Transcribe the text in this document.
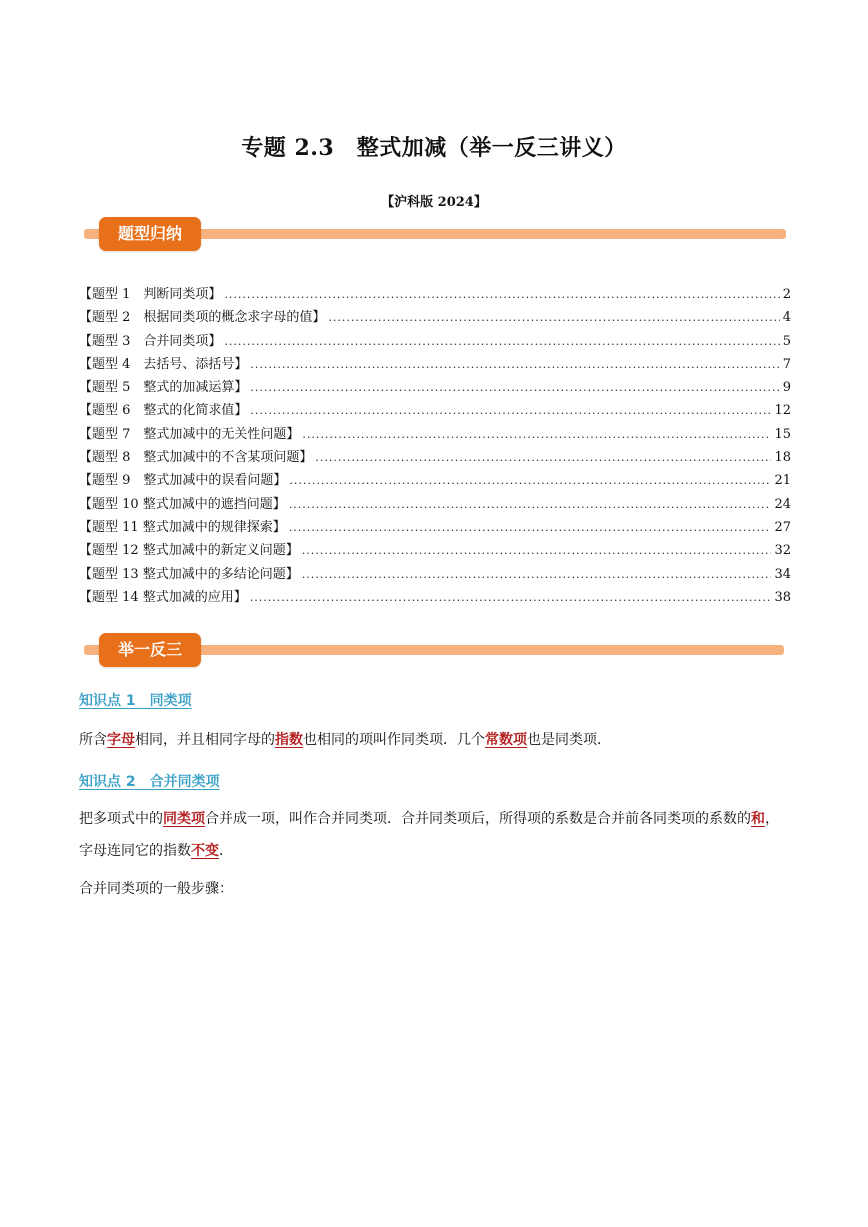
专题 2.3　整式加减（举一反三讲义）
【沪科版 2024】
题型归纳
【题型 1　判断同类项】 .....	2
【题型 2　根据同类项的概念求字母的值】 .....	4
【题型 3　合并同类项】 .....	5
【题型 4　去括号、添括号】 .....	7
【题型 5　整式的加减运算】 .....	9
【题型 6　整式的化简求值】 .....	12
【题型 7　整式加减中的无关性问题】 .....	15
【题型 8　整式加减中的不含某项问题】 .....	18
【题型 9　整式加减中的误看问题】 .....	21
【题型 10 整式加减中的遮挡问题】 .....	24
【题型 11 整式加减中的规律探索】 .....	27
【题型 12 整式加减中的新定义问题】 .....	32
【题型 13 整式加减中的多结论问题】 .....	34
【题型 14 整式加减的应用】 .....	38
举一反三
知识点 1　同类项

所含字母相同，并且相同字母的指数也相同的项叫作同类项．几个常数项也是同类项．

知识点 2　合并同类项

把多项式中的同类项合并成一项，叫作合并同类项．合并同类项后，所得项的系数是合并前各同类项的系数的和，字母连同它的指数不变．

合并同类项的一般步骤：
